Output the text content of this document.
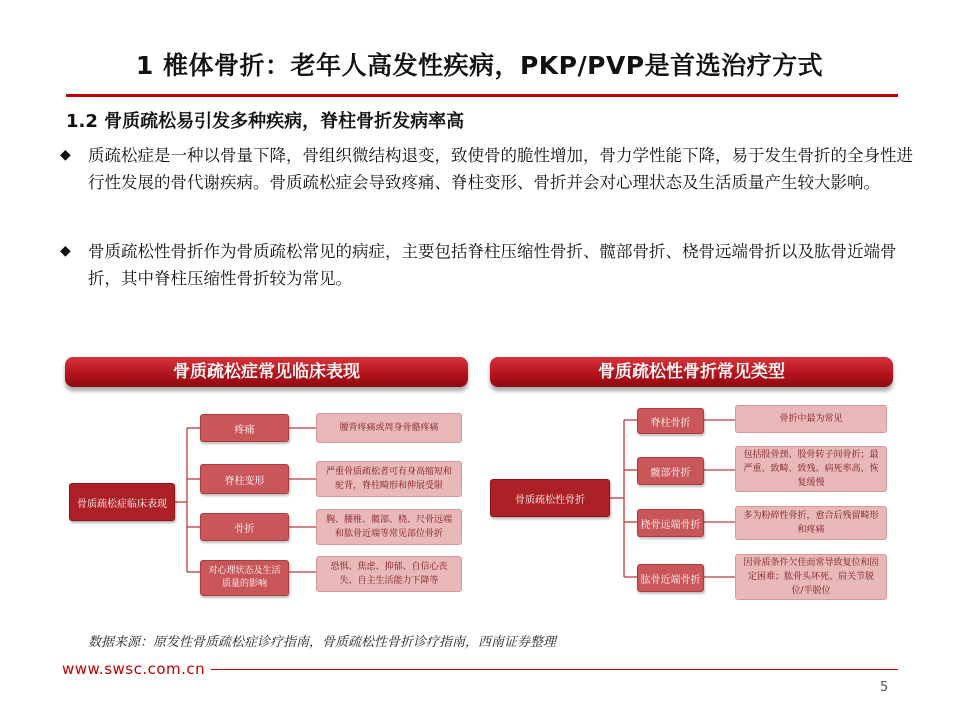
1 椎体骨折：老年人高发性疾病，PKP/PVP是首选治疗方式
1.2 骨质疏松易引发多种疾病，脊柱骨折发病率高
◆ 质疏松症是一种以骨量下降，骨组织微结构退变，致使骨的脆性增加，骨力学性能下降，易于发生骨折的全身性进行性发展的骨代谢疾病。骨质疏松症会导致疼痛、脊柱变形、骨折并会对心理状态及生活质量产生较大影响。
◆ 骨质疏松性骨折作为骨质疏松常见的病症，主要包括脊柱压缩性骨折、髋部骨折、桡骨远端骨折以及肱骨近端骨折，其中脊柱压缩性骨折较为常见。
骨质疏松症常见临床表现
骨质疏松症临床表现
疼痛
脊柱变形
骨折
对心理状态及生活质量的影响
腰背疼痛或周身骨骼疼痛
严重骨质疏松者可有身高缩短和驼背，脊柱畸形和伸展受限
胸、腰椎、髋部、桡、尺骨远端和肱骨近端等常见部位骨折
恐惧、焦虑、抑郁、自信心丧失、自主生活能力下降等
骨质疏松性骨折常见类型
骨质疏松性骨折
脊柱骨折
髋部骨折
桡骨远端骨折
肱骨近端骨折
骨折中最为常见
包括股骨颈、股骨转子间骨折；最严重、致畸、致残、病死率高、恢复缓慢
多为粉碎性骨折，愈合后残留畸形和疼痛
因骨质条件欠佳而常导致复位和固定困难；肱骨头坏死、肩关节脱位/半脱位
数据来源：原发性骨质疏松症诊疗指南，骨质疏松性骨折诊疗指南，西南证券整理
www.swsc.com.cn
5
